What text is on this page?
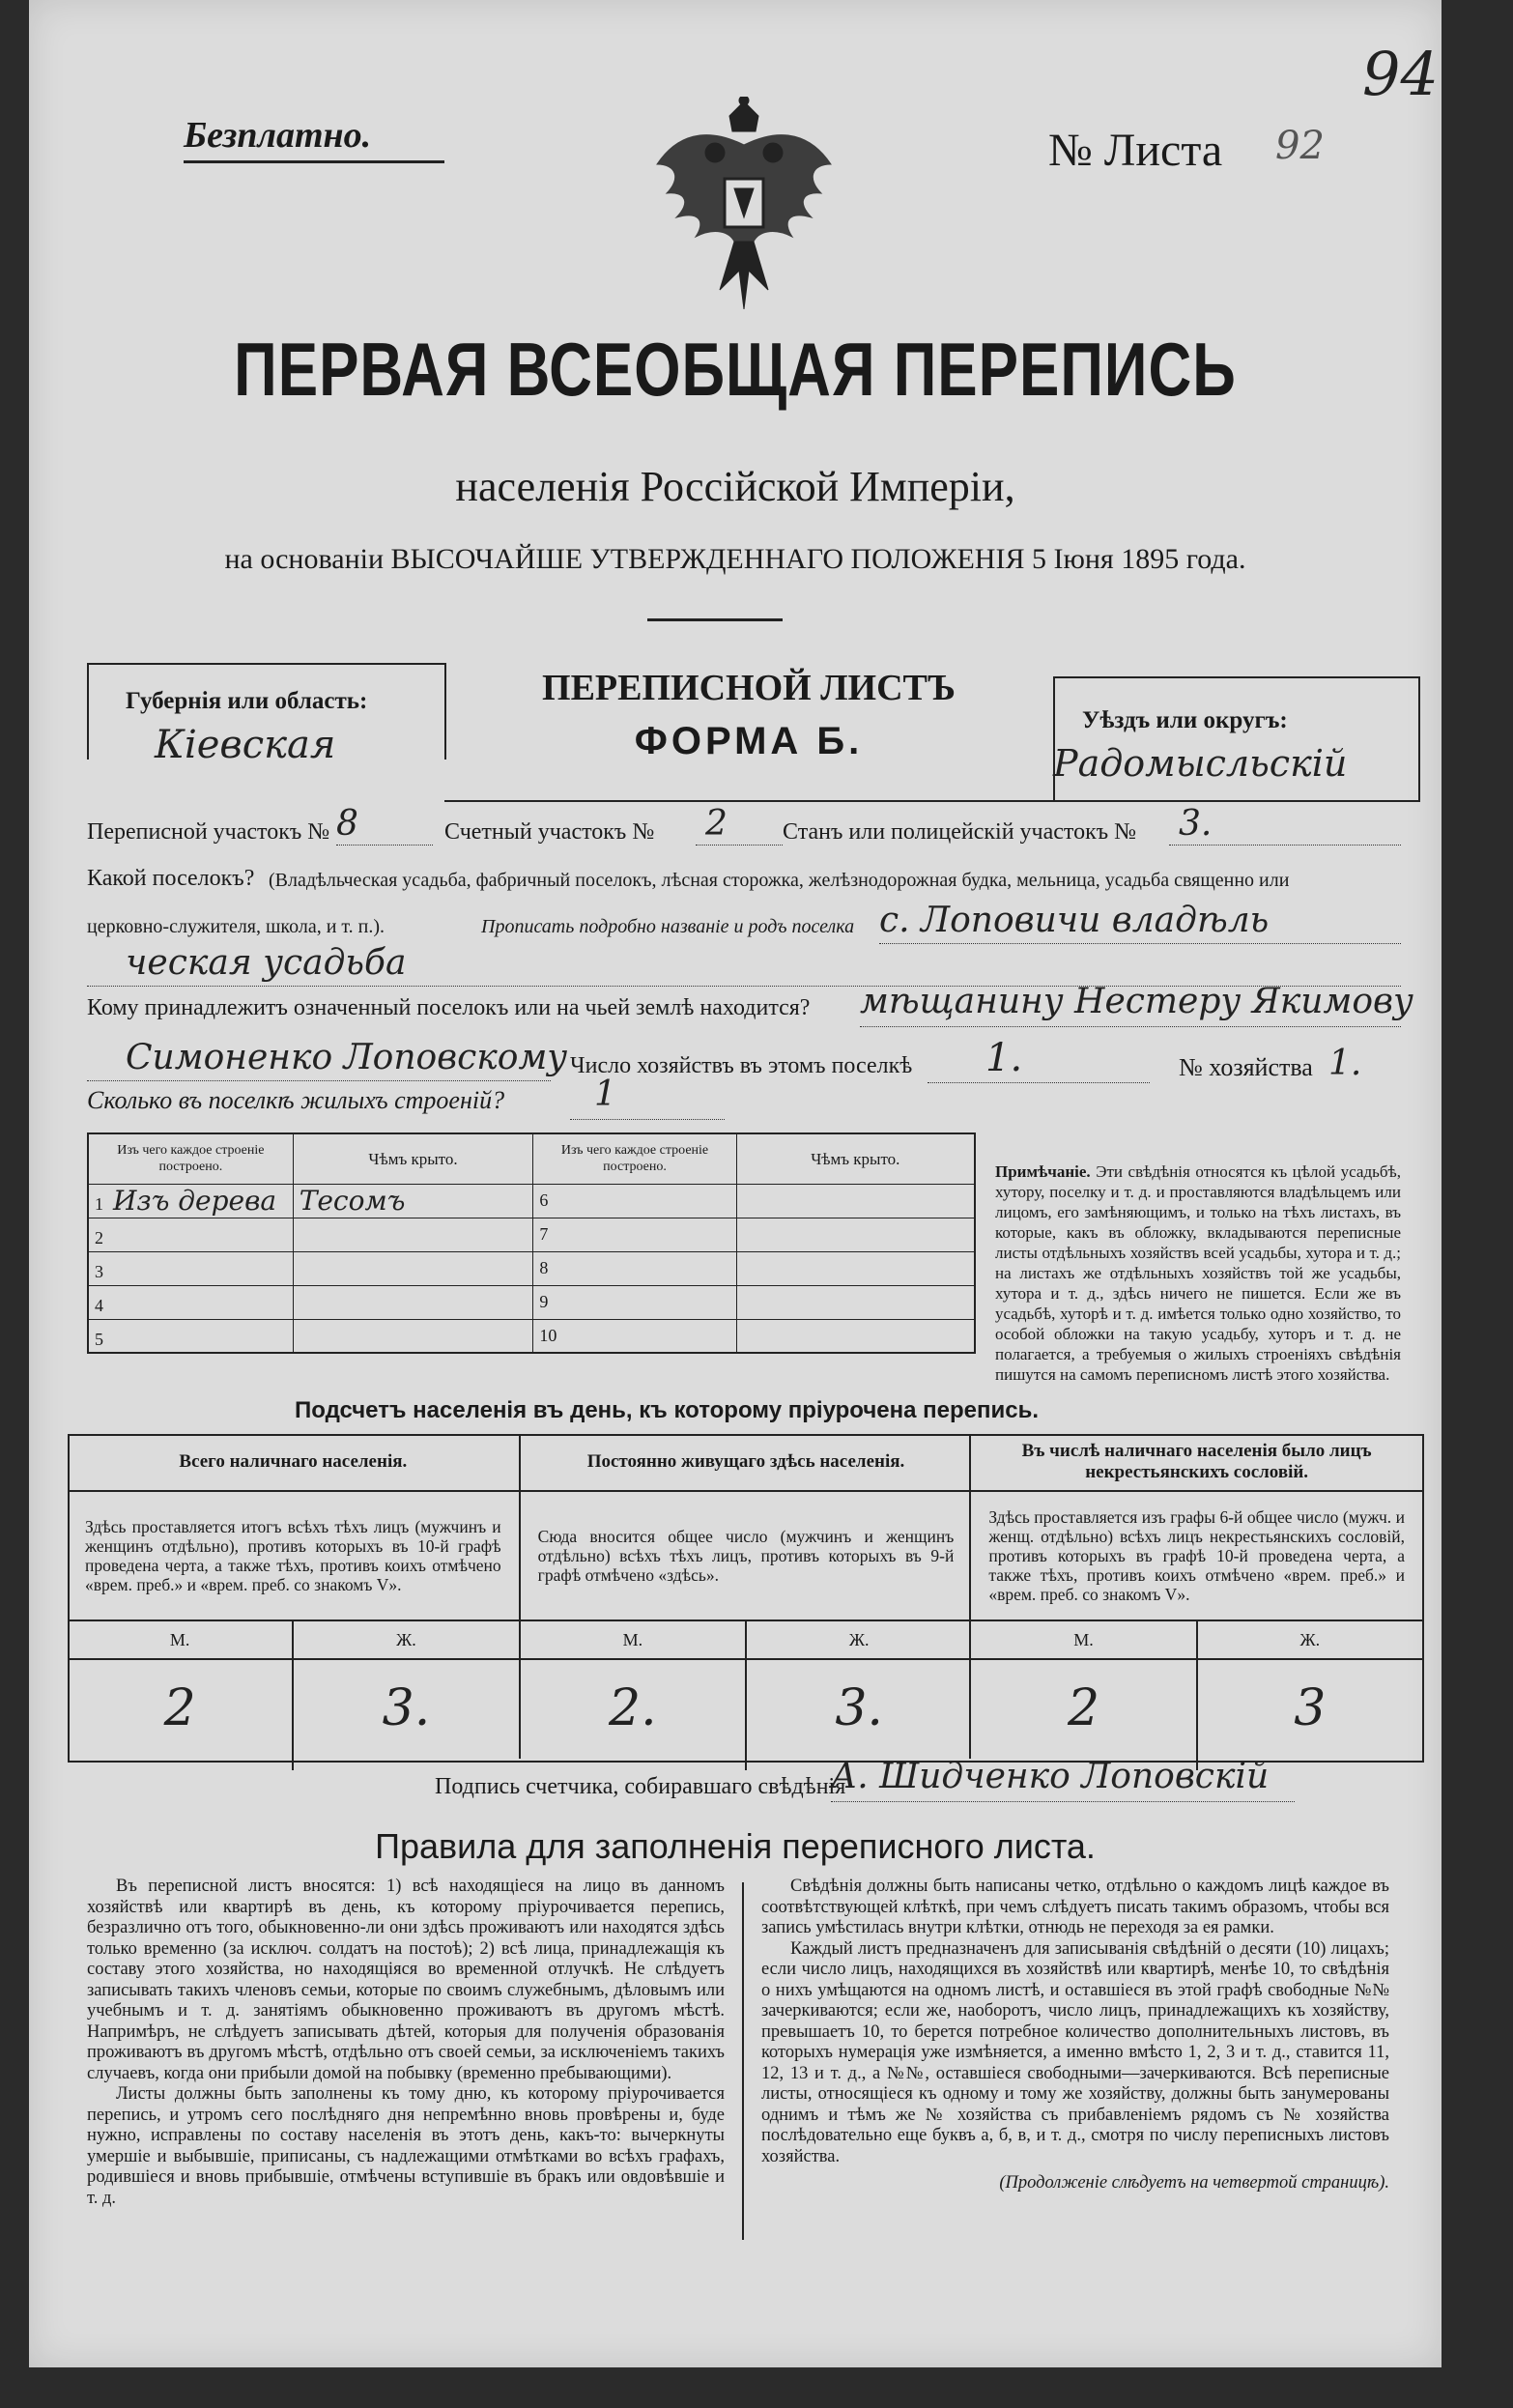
Безплатно.	№ Листа 92
94
ПЕРВАЯ ВСЕОБЩАЯ ПЕРЕПИСЬ
населенія Россійской Имперіи,
на основаніи ВЫСОЧАЙШЕ УТВЕРЖДЕННАГО ПОЛОЖЕНІЯ 5 Іюня 1895 года.
Губернія или область:
Кіевская
ПЕРЕПИСНОЙ ЛИСТЪ
ФОРМА Б.	Уѣздъ или округъ:
Радомысльскій
Переписной участокъ № 8	Счетный участокъ № 2 Станъ или полицейскій участокъ № 3.
Какой поселокъ? (Владѣльческая усадьба, фабричный поселокъ, лѣсная сторожка, желѣзнодорожная будка, мельница, усадьба священно или
церковно-служителя, школа, и т. п.).	Прописать подробно названіе и родъ поселка с. Лоповичи владѣль
ческая усадьба
Кому принадлежитъ означенный поселокъ или на чьей землѣ находится? мѣщанину Нестеру Якимову
Симоненко Лоповскому Число хозяйствъ въ этомъ поселкѣ 1.	№ хозяйства 1.
Сколько въ поселкѣ жилыхъ строеній?	1
Изъ чего каждое строеніе построено.	Чѣмъ крыто.	Изъ чего каждое строеніе построено.	Чѣмъ крыто.
1 Изъ дерева	Тесомъ	6	
2		7	
3		8	
4		9	
5		10	
Примѣчаніе. Эти свѣдѣнія относятся къ цѣлой усадьбѣ, хутору, поселку и т. д. и проставляются владѣльцемъ или лицомъ, его замѣняющимъ, и только на тѣхъ листахъ, въ которые, какъ въ обложку, вкладываются переписные листы отдѣльныхъ хозяйствъ всей усадьбы, хутора и т. д.; на листахъ же отдѣльныхъ хозяйствъ той же усадьбы, хутора и т. д., здѣсь ничего не пишется. Если же въ усадьбѣ, хуторѣ и т. д. имѣется только одно хозяйство, то особой обложки на такую усадьбу, хуторъ и т. д. не полагается, а требуемыя о жилыхъ строеніяхъ свѣдѣнія пишутся на самомъ переписномъ листѣ этого хозяйства.
Подсчетъ населенія въ день, къ которому пріурочена перепись.
Всего наличнаго населенія.
Здѣсь проставляется итогъ всѣхъ тѣхъ лицъ (мужчинъ и женщинъ отдѣльно), противъ которыхъ въ 10-й графѣ проведена черта, а также тѣхъ, противъ коихъ отмѣчено «врем. преб.» и «врем. преб. со знакомъ V».
М.	Ж.
2	3.
Постоянно живущаго здѣсь населенія.
Сюда вносится общее число (мужчинъ и женщинъ отдѣльно) всѣхъ тѣхъ лицъ, противъ которыхъ въ 9-й графѣ отмѣчено «здѣсь».
М.	Ж.
2.	3.
Въ числѣ наличнаго населенія было лицъ некрестьянскихъ сословій.
Здѣсь проставляется изъ графы 6-й общее число (мужч. и женщ. отдѣльно) всѣхъ лицъ некрестьянскихъ сословій, противъ которыхъ въ графѣ 10-й проведена черта, а также тѣхъ, противъ коихъ отмѣчено «врем. преб.» и «врем. преб. со знакомъ V».
М.	Ж.
2	3
Подпись счетчика, собиравшаго свѣдѣнія
А. Шидченко Лоповскій
Правила для заполненія переписного листа.

Въ переписной листъ вносятся: 1) всѣ находящіеся на лицо въ данномъ хозяйствѣ или квартирѣ въ день, къ которому пріурочивается перепись, безразлично отъ того, обыкновенно-ли они здѣсь проживаютъ или находятся здѣсь только временно (за исключ. солдатъ на постоѣ); 2) всѣ лица, принадлежащія къ составу этого хозяйства, но находящіяся во временной отлучкѣ. Не слѣдуетъ записывать такихъ членовъ семьи, которые по своимъ служебнымъ, дѣловымъ или учебнымъ и т. д. занятіямъ обыкновенно проживаютъ въ другомъ мѣстѣ. Напримѣръ, не слѣдуетъ записывать дѣтей, которыя для полученія образованія проживаютъ въ другомъ мѣстѣ, отдѣльно отъ своей семьи, за исключеніемъ такихъ случаевъ, когда они прибыли домой на побывку (временно пребывающими).

Листы должны быть заполнены къ тому дню, къ которому пріурочивается перепись, и утромъ сего послѣдняго дня непремѣнно вновь провѣрены и, буде нужно, исправлены по составу населенія въ этотъ день, какъ-то: вычеркнуты умершіе и выбывшіе, приписаны, съ надлежащими отмѣтками во всѣхъ графахъ, родившіеся и вновь прибывшіе, отмѣчены вступившіе въ бракъ или овдовѣвшіе и т. д.

Свѣдѣнія должны быть написаны четко, отдѣльно о каждомъ лицѣ каждое въ соотвѣтствующей клѣткѣ, при чемъ слѣдуетъ писать такимъ образомъ, чтобы вся запись умѣстилась внутри клѣтки, отнюдь не переходя за ея рамки.

Каждый листъ предназначенъ для записыванія свѣдѣній о десяти (10) лицахъ; если число лицъ, находящихся въ хозяйствѣ или квартирѣ, менѣе 10, то свѣдѣнія о нихъ умѣщаются на одномъ листѣ, и оставшіеся въ этой графѣ свободные №№ зачеркиваются; если же, наоборотъ, число лицъ, принадлежащихъ къ хозяйству, превышаетъ 10, то берется потребное количество дополнительныхъ листовъ, въ которыхъ нумерація уже измѣняется, а именно вмѣсто 1, 2, 3 и т. д., ставится 11, 12, 13 и т. д., а №№, оставшіеся свободными—зачеркиваются. Всѣ переписные листы, относящіеся къ одному и тому же хозяйству, должны быть занумерованы однимъ и тѣмъ же № хозяйства съ прибавленіемъ рядомъ съ № хозяйства послѣдовательно еще буквъ а, б, в, и т. д., смотря по числу переписныхъ листовъ хозяйства.

(Продолженіе слѣдуетъ на четвертой страницѣ).
